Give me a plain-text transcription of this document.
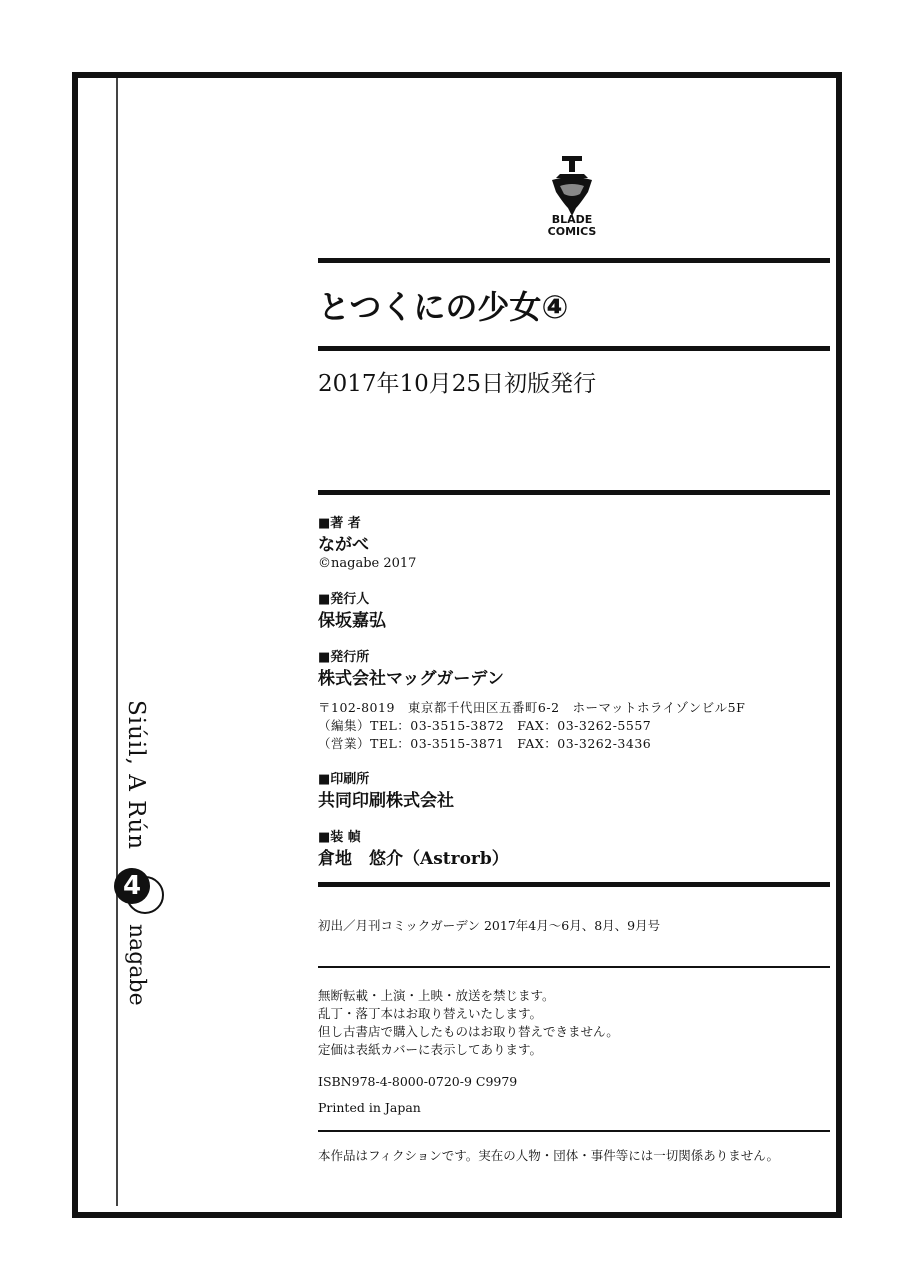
Siúil, A Rún
4
nagabe
BLADE
COMICS
とつくにの少女④
2017年10月25日初版発行
■著 者
ながべ
©nagabe 2017
■発行人
保坂嘉弘
■発行所
株式会社マッグガーデン
〒102-8019　東京都千代田区五番町6-2　ホーマットホライゾンビル5F
（編集）TEL：03-3515-3872　FAX：03-3262-5557
（営業）TEL：03-3515-3871　FAX：03-3262-3436
■印刷所
共同印刷株式会社
■装 幀
倉地　悠介（Astrorb）
初出／月刊コミックガーデン 2017年4月～6月、8月、9月号
無断転載・上演・上映・放送を禁じます。
乱丁・落丁本はお取り替えいたします。
但し古書店で購入したものはお取り替えできません。
定価は表紙カバーに表示してあります。
ISBN978-4-8000-0720-9 C9979
Printed in Japan
本作品はフィクションです。実在の人物・団体・事件等には一切関係ありません。
